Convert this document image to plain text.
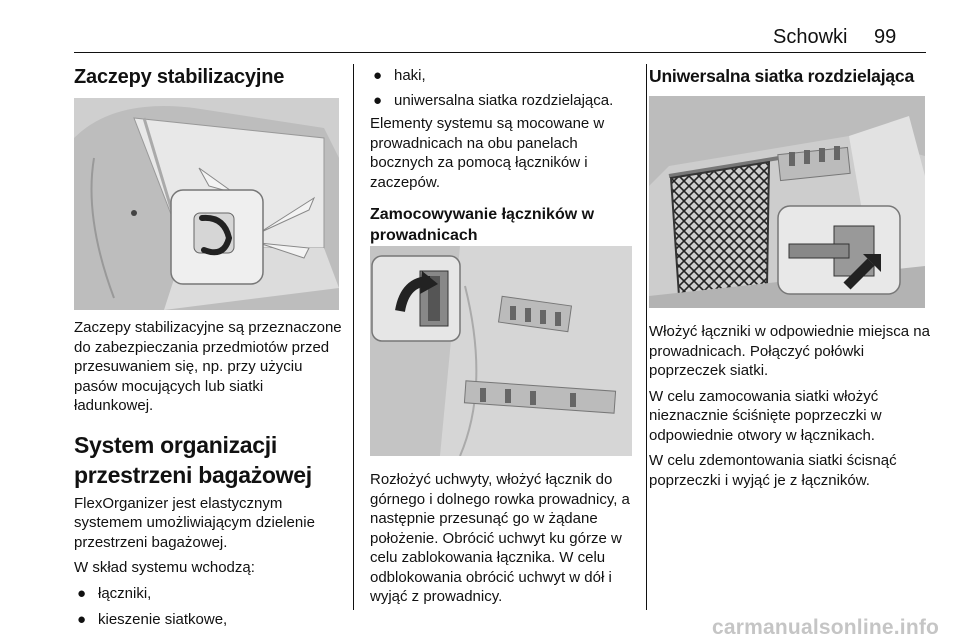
Schowki 99
Zaczepy stabilizacyjne

Zaczepy stabilizacyjne są przeznaczone do zabezpieczania przedmiotów przed przesuwaniem się, np. przy użyciu pasów mocujących lub siatki ładunkowej.

System organizacji przestrzeni bagażowej

FlexOrganizer jest elastycznym systemem umożliwiającym dzielenie przestrzeni bagażowej.

W skład systemu wchodzą:

● łączniki,
● kieszenie siatkowe,
● haki,
● uniwersalna siatka rozdzielająca.

Elementy systemu są mocowane w prowadnicach na obu panelach bocznych za pomocą łączników i zaczepów.

Zamocowywanie łączników w prowadnicach

Rozłożyć uchwyty, włożyć łącznik do górnego i dolnego rowka prowadnicy, a następnie przesunąć go w żądane położenie. Obrócić uchwyt ku górze w celu zablokowania łącznika. W celu odblokowania obrócić uchwyt w dół i wyjąć z prowadnicy.

Uniwersalna siatka rozdzielająca

Włożyć łączniki w odpowiednie miejsca na prowadnicach. Połączyć połówki poprzeczek siatki.

W celu zamocowania siatki włożyć nieznacznie ściśnięte poprzeczki w odpowiednie otwory w łącznikach.

W celu zdemontowania siatki ścisnąć poprzeczki i wyjąć je z łączników.

carmanualsonline.info
